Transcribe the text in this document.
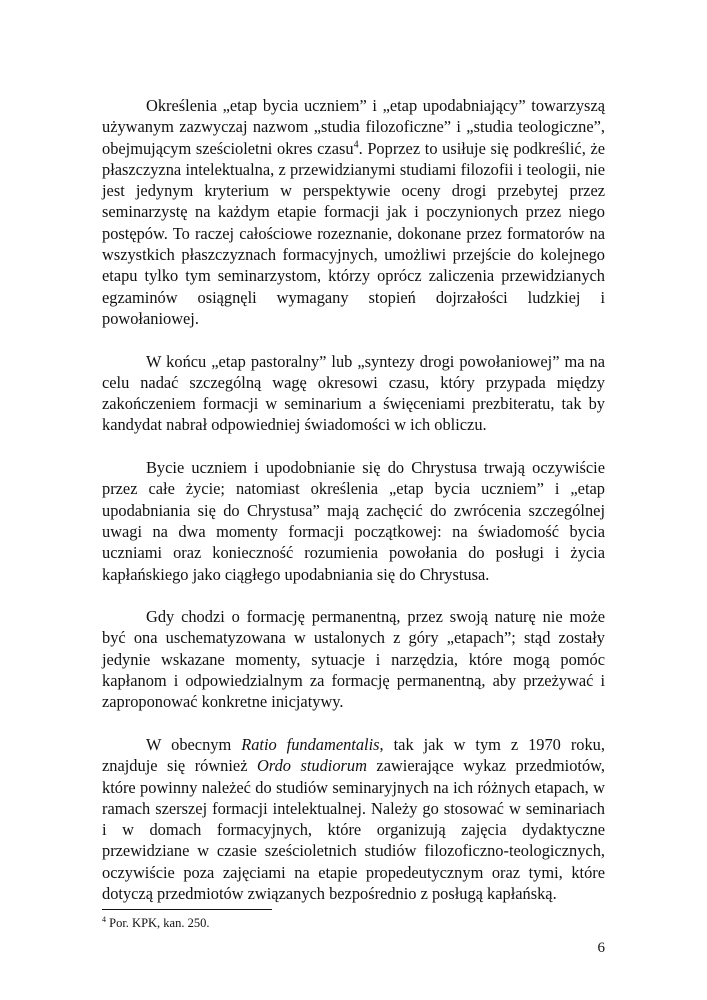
Określenia „etap bycia uczniem” i „etap upodabniający” towarzyszą używanym zazwyczaj nazwom „studia filozoficzne” i „studia teologiczne”, obejmującym sześcioletni okres czasu$^4$. Poprzez to usiłuje się podkreślić, że płaszczyzna intelektualna, z przewidzianymi studiami filozofii i teologii, nie jest jedynym kryterium w perspektywie oceny drogi przebytej przez seminarzystę na każdym etapie formacji jak i poczynionych przez niego postępów. To raczej całościowe rozeznanie, dokonane przez formatorów na wszystkich płaszczyznach formacyjnych, umożliwi przejście do kolejnego etapu tylko tym seminarzystom, którzy oprócz zaliczenia przewidzianych egzaminów osiągnęli wymagany stopień dojrzałości ludzkiej i powołaniowej.

W końcu „etap pastoralny” lub „syntezy drogi powołaniowej” ma na celu nadać szczególną wagę okresowi czasu, który przypada między zakończeniem formacji w seminarium a święceniami prezbiteratu, tak by kandydat nabrał odpowiedniej świadomości w ich obliczu.

Bycie uczniem i upodobnianie się do Chrystusa trwają oczywiście przez całe życie; natomiast określenia „etap bycia uczniem” i „etap upodabniania się do Chrystusa” mają zachęcić do zwrócenia szczególnej uwagi na dwa momenty formacji początkowej: na świadomość bycia uczniami oraz konieczność rozumienia powołania do posługi i życia kapłańskiego jako ciągłego upodabniania się do Chrystusa.

Gdy chodzi o formację permanentną, przez swoją naturę nie może być ona uschematyzowana w ustalonych z góry „etapach”; stąd zostały jedynie wskazane momenty, sytuacje i narzędzia, które mogą pomóc kapłanom i odpowiedzialnym za formację permanentną, aby przeżywać i zaproponować konkretne inicjatywy.

W obecnym Ratio fundamentalis, tak jak w tym z 1970 roku, znajduje się również Ordo studiorum zawierające wykaz przedmiotów, które powinny należeć do studiów seminaryjnych na ich różnych etapach, w ramach szerszej formacji intelektualnej. Należy go stosować w seminariach i w domach formacyjnych, które organizują zajęcia dydaktyczne przewidziane w czasie sześcioletnich studiów filozoficzno-teologicznych, oczywiście poza zajęciami na etapie propedeutycznym oraz tymi, które dotyczą przedmiotów związanych bezpośrednio z posługą kapłańską.

$^4$ Por. KPK, kan. 250.
6
